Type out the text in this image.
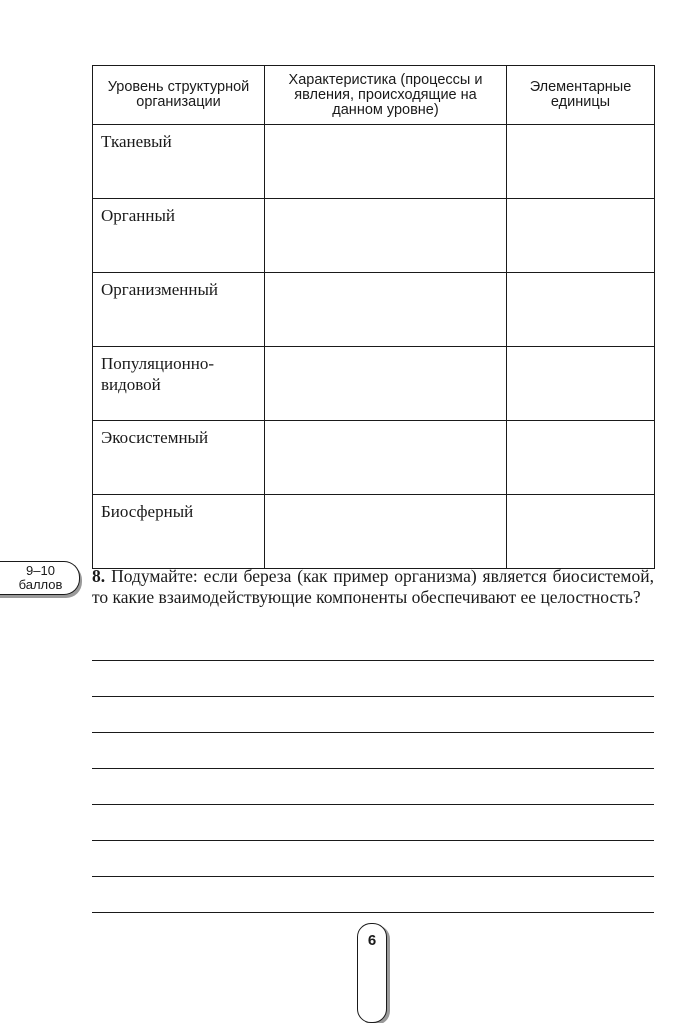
Уровень структурной организации	Характеристика (процессы и явления, происходящие на данном уровне)	Элементарные единицы
Тканевый		
Органный		
Организменный		
Популяционно-видовой		
Экосистемный		
Биосферный		
9–10
баллов	8. Подумайте: если береза (как пример организма) является биосистемой, то какие взаимодействующие компоненты обеспечивают ее целостность?
6
